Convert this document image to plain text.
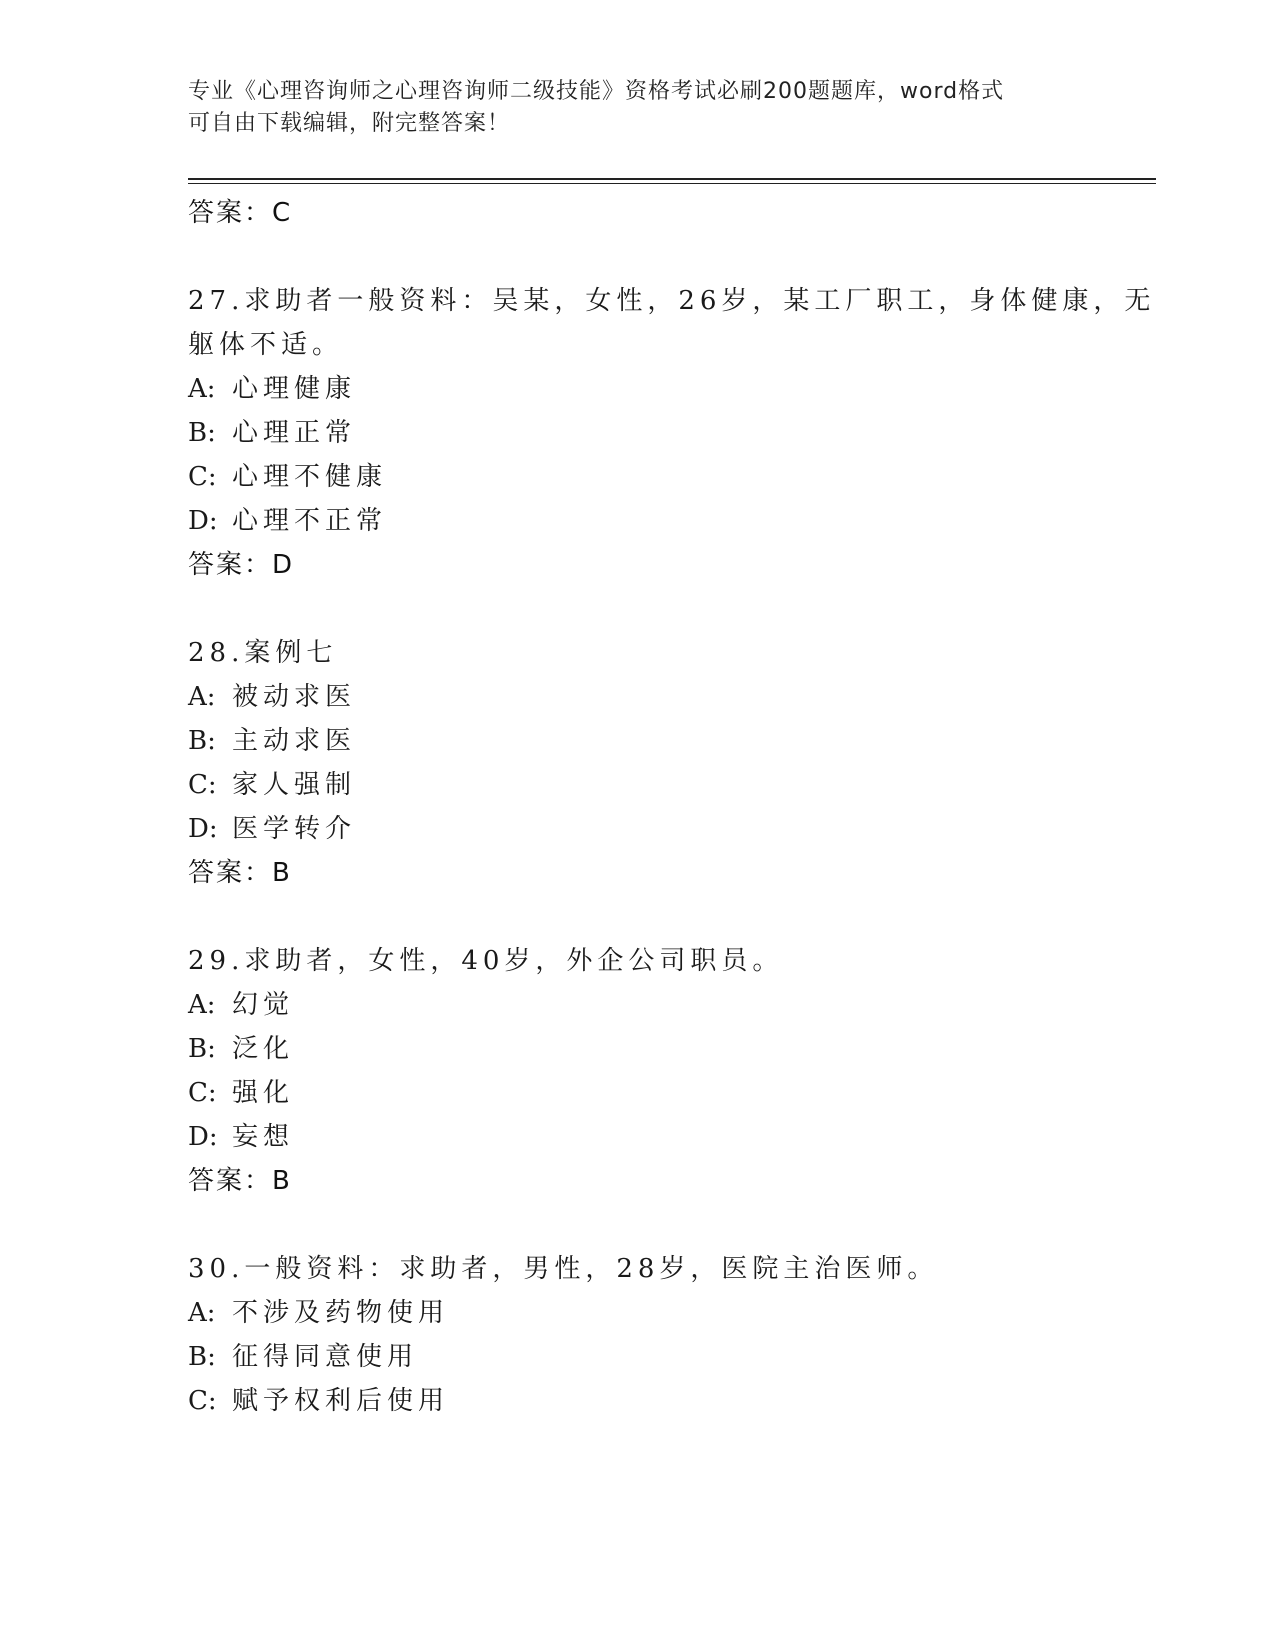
专业《心理咨询师之心理咨询师二级技能》资格考试必刷200题题库，word格式
可自由下载编辑，附完整答案！
答案：C
27.求助者一般资料：吴某，女性，26岁，某工厂职工，身体健康，无
躯体不适。
A: 心理健康
B: 心理正常
C: 心理不健康
D: 心理不正常
答案：D
28.案例七
A: 被动求医
B: 主动求医
C: 家人强制
D: 医学转介
答案：B
29.求助者，女性，40岁，外企公司职员。
A: 幻觉
B: 泛化
C: 强化
D: 妄想
答案：B
30.一般资料：求助者，男性，28岁，医院主治医师。
A: 不涉及药物使用
B: 征得同意使用
C: 赋予权利后使用
